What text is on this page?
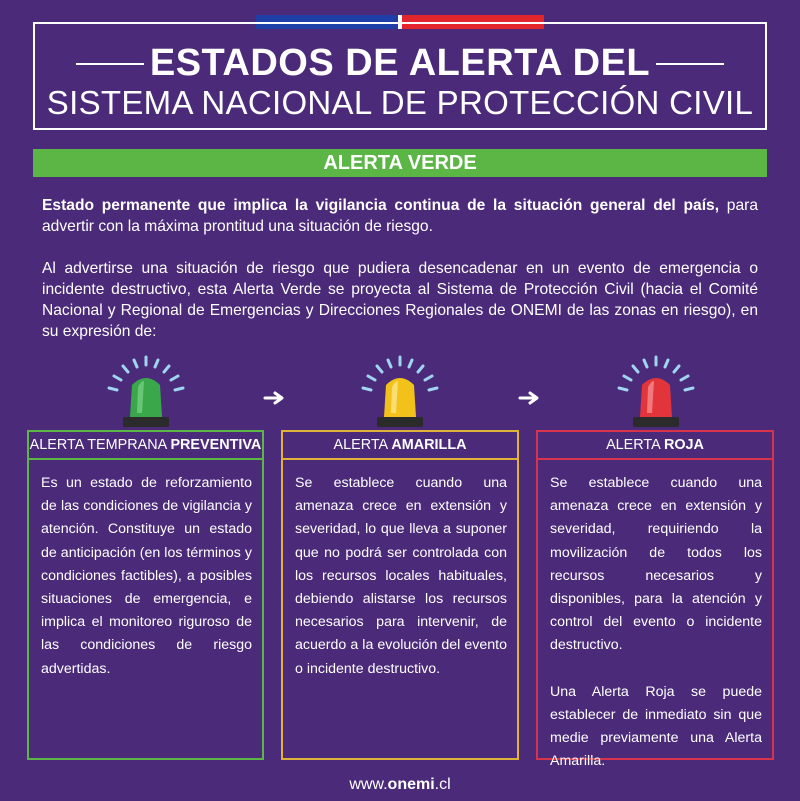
ESTADOS DE ALERTA DEL
SISTEMA NACIONAL DE PROTECCIÓN CIVIL
ALERTA VERDE
Estado permanente que implica la vigilancia continua de la situación general del país, para advertir con la máxima prontitud una situación de riesgo.
Al advertirse una situación de riesgo que pudiera desencadenar en un evento de emergencia o incidente destructivo, esta Alerta Verde se proyecta al Sistema de Protección Civil (hacia el Comité Nacional y Regional de Emergencias y Direcciones Regionales de ONEMI de las zonas en riesgo), en su expresión de:
ALERTA TEMPRANA PREVENTIVA

Es un estado de reforzamiento de las condiciones de vigilancia y atención. Constituye un estado de anticipación (en los términos y condiciones factibles), a posibles situaciones de emergencia, e implica el monitoreo riguroso de las condiciones de riesgo advertidas.

ALERTA AMARILLA

Se establece cuando una amenaza crece en extensión y severidad, lo que lleva a suponer que no podrá ser controlada con los recursos locales habituales, debiendo alistarse los recursos necesarios para intervenir, de acuerdo a la evolución del evento o incidente destructivo.

ALERTA ROJA

Se establece cuando una amenaza crece en extensión y severidad, requiriendo la movilización de todos los recursos necesarios y disponibles, para la atención y control del evento o incidente destructivo.

Una Alerta Roja se puede establecer de inmediato sin que medie previamente una Alerta Amarilla.

www.onemi.cl
